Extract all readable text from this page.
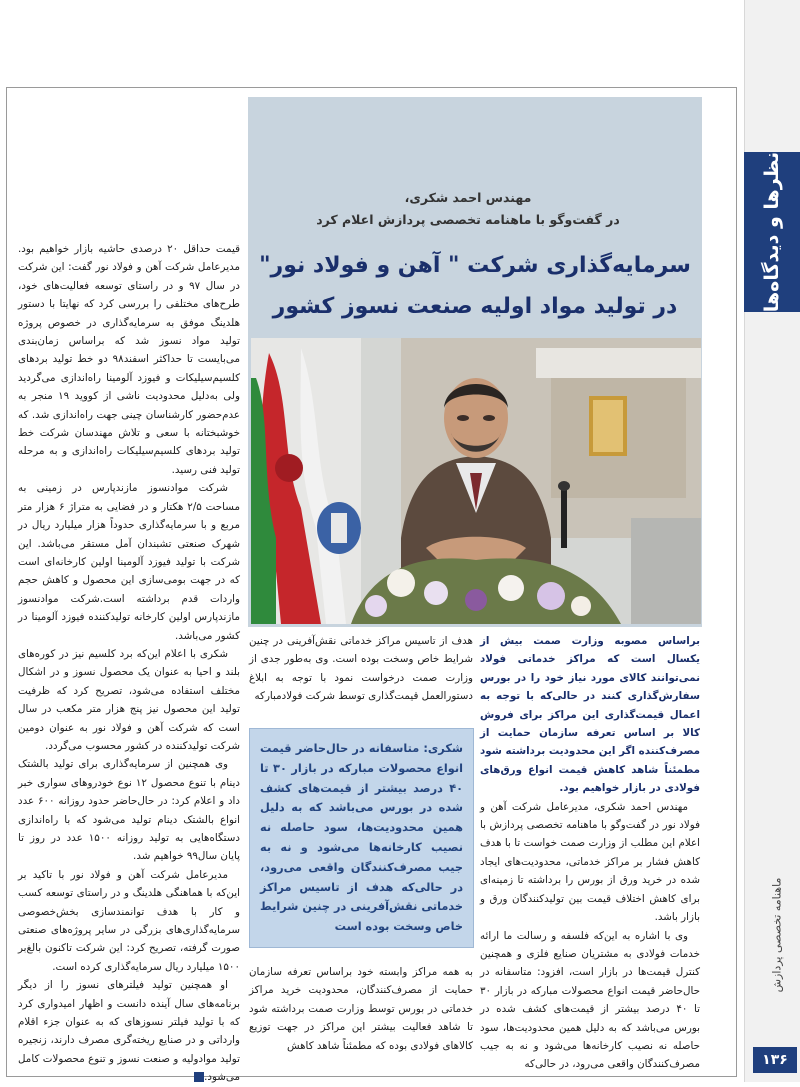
نظرها و دیدگاه‌ها
ماهنامه تخصصی پردازش
۱۳۶
مهندس احمد شکری،
در گفت‌وگو با ماهنامه تخصصی پردازش اعلام کرد
سرمایه‌گذاری شرکت " آهن و فولاد نور"
در تولید مواد اولیه صنعت نسوز کشور

براساس مصوبه وزارت صمت بیش از یکسال است که مراکز خدماتی فولاد نمی‌توانند کالای مورد نیاز خود را در بورس سفارش‌گذاری کنند در حالی‌که با توجه به اعمال قیمت‌گذاری این مراکز برای فروش کالا بر اساس تعرفه سازمان حمایت از مصرف‌کننده اگر این محدودیت برداشته شود مطمئناً شاهد کاهش قیمت انواع ورق‌های فولادی در بازار خواهیم بود.

مهندس احمد شکری، مدیرعامل شرکت آهن و فولاد نور در گفت‌وگو با ماهنامه تخصصی پردازش با اعلام این مطلب از وزارت صمت خواست تا با هدف کاهش فشار بر مراکز خدماتی، محدودیت‌های ایجاد شده در خرید ورق از بورس را برداشته تا زمینه‌ای برای کاهش اختلاف قیمت بین تولیدکنندگان ورق و بازار باشد.

وی با اشاره به این‌که فلسفه و رسالت ما ارائه خدمات فولادی به مشتریان صنایع فلزی و همچنین کنترل قیمت‌ها در بازار است، افزود: متاسفانه در حال‌حاضر قیمت انواع محصولات مبارکه در بازار ۳۰ تا ۴۰ درصد بیشتر از قیمت‌های کشف شده در بورس می‌باشد که به دلیل همین محدودیت‌ها، سود حاصله نه نصیب کارخانه‌ها می‌شود و نه به جیب مصرف‌کنندگان واقعی می‌رود، در حالی‌که

هدف از تاسیس مراکز خدماتی نقش‌آفرینی در چنین شرایط خاص وسخت بوده است. وی به‌طور جدی از وزارت صمت درخواست نمود با توجه به ابلاغ دستورالعمل قیمت‌گذاری توسط شرکت فولادمبارکه

شکری: متاسفانه در حال‌حاضر قیمت انواع محصولات مبارکه در بازار ۳۰ تا ۴۰ درصد بیشتر از قیمت‌های کشف شده در بورس می‌باشد که به دلیل همین محدودیت‌ها، سود حاصله نه نصیب کارخانه‌ها می‌شود و نه به جیب مصرف‌کنندگان واقعی می‌رود، در حالی‌که هدف از تاسیس مراکز خدماتی نقش‌آفرینی در چنین شرایط خاص وسخت بوده است

به همه مراکز وابسته خود براساس تعرفه سازمان حمایت از مصرف‌کنندگان، محدودیت خرید مراکز خدماتی در بورس توسط وزارت صمت برداشته شود تا شاهد فعالیت بیشتر این مراکز در جهت توزیع کالاهای فولادی بوده که مطمئناً شاهد کاهش

قیمت حداقل ۲۰ درصدی حاشیه بازار خواهیم بود. مدیرعامل شرکت آهن و فولاد نور گفت: این شرکت در سال ۹۷ و در راستای توسعه فعالیت‌های خود، طرح‌های مختلفی را بررسی کرد که نهایتا با دستور هلدینگ موفق به سرمایه‌گذاری در خصوص پروژه تولید مواد نسوز شد که براساس زمان‌بندی می‌بایست تا حداکثر اسفند۹۸ دو خط تولید بردهای کلسیم‌سیلیکات و فیوزد آلومینا راه‌اندازی می‌گردید ولی به‌دلیل محدودیت ناشی از کووید ۱۹ منجر به عدم‌حضور کارشناسان چینی جهت راه‌اندازی شد. که خوشبختانه با سعی و تلاش مهندسان شرکت خط تولید بردهای کلسیم‌سیلیکات راه‌اندازی و به مرحله تولید فنی رسید.

شرکت موادنسوز مازندپارس در زمینی به مساحت ۲/۵ هکتار و در فضایی به متراژ ۶ هزار متر مربع و با سرمایه‌گذاری حدوداً هزار میلیارد ریال در شهرک صنعتی تشبندان آمل مستقر می‌باشد. این شرکت با تولید فیوزد آلومینا اولین کارخانه‌ای است که در جهت بومی‌سازی این محصول و کاهش حجم واردات قدم برداشته است.شرکت موادنسوز مازندپارس اولین کارخانه تولیدکننده فیوزد آلومینا در کشور می‌باشد.

شکری با اعلام این‌که برد کلسیم نیز در کوره‌های بلند و احیا به عنوان یک محصول نسوز و در اشکال مختلف استفاده می‌شود، تصریح کرد که ظرفیت تولید این محصول نیز پنج هزار متر مکعب در سال است که شرکت آهن و فولاد نور به عنوان دومین شرکت تولیدکننده در کشور محسوب می‌گردد.

وی همچنین از سرمایه‌گذاری برای تولید بالشتک دینام با تنوع محصول ۱۲ نوع خودروهای سواری خبر داد و اعلام کرد: در حال‌حاضر حدود روزانه ۶۰۰ عدد انواع بالشتک دینام تولید می‌شود که با راه‌اندازی دستگاه‌هایی به تولید روزانه ۱۵۰۰ عدد در روز تا پایان سال۹۹ خواهیم شد.

مدیرعامل شرکت آهن و فولاد نور با تاکید بر این‌که با هماهنگی هلدینگ و در راستای توسعه کسب و کار با هدف توانمندسازی بخش‌خصوصی سرمایه‌گذاری‌های بزرگی در سایر پروژه‌های صنعتی صورت گرفته، تصریح کرد: این شرکت تاکنون بالغ‌بر ۱۵۰۰ میلیارد ریال سرمایه‌گذاری کرده است.

او همچنین تولید فیلترهای نسوز را از دیگر برنامه‌های سال آینده دانست و اظهار امیدواری کرد که با تولید فیلتر نسوزهای که به عنوان جزء اقلام وارداتی و در صنایع ریخته‌گری مصرف دارند، زنجیره تولید موادولیه و صنعت نسوز و تنوع محصولات کامل می‌شود.
